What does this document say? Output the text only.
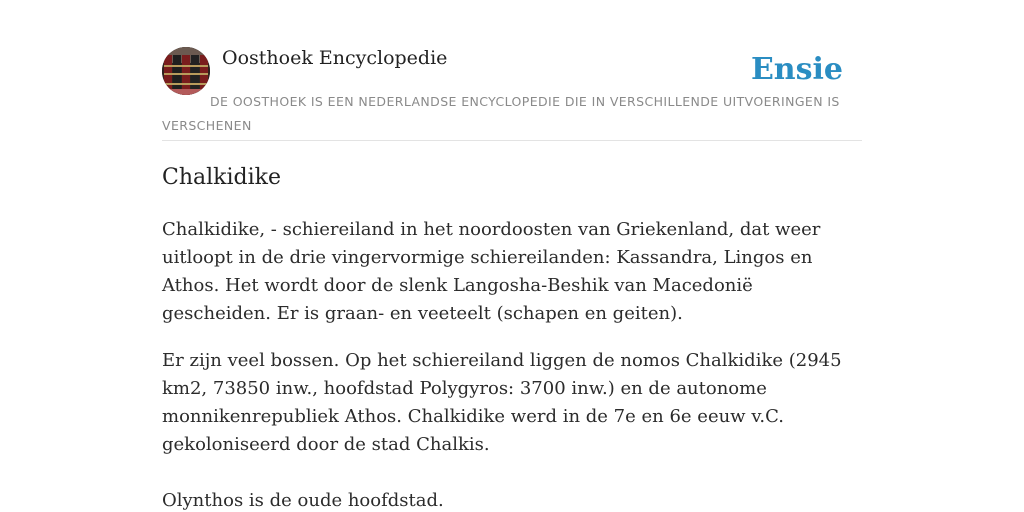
Oosthoek Encyclopedie	Ensie
DE OOSTHOEK IS EEN NEDERLANDSE ENCYCLOPEDIE DIE IN VERSCHILLENDE UITVOERINGEN IS VERSCHENEN
Chalkidike

Chalkidike, - schiereiland in het noordoosten van Griekenland, dat weer uitloopt in de drie vingervormige schiereilanden: Kassandra, Lingos en Athos. Het wordt door de slenk Langosha-Beshik van Macedonië gescheiden. Er is graan- en veeteelt (schapen en geiten).

Er zijn veel bossen. Op het schiereiland liggen de nomos Chalkidike (2945 km2, 73850 inw., hoofdstad Polygyros: 3700 inw.) en de autonome monnikenrepubliek Athos. Chalkidike werd in de 7e en 6e eeuw v.C. gekoloniseerd door de stad Chalkis.

Olynthos is de oude hoofdstad.
